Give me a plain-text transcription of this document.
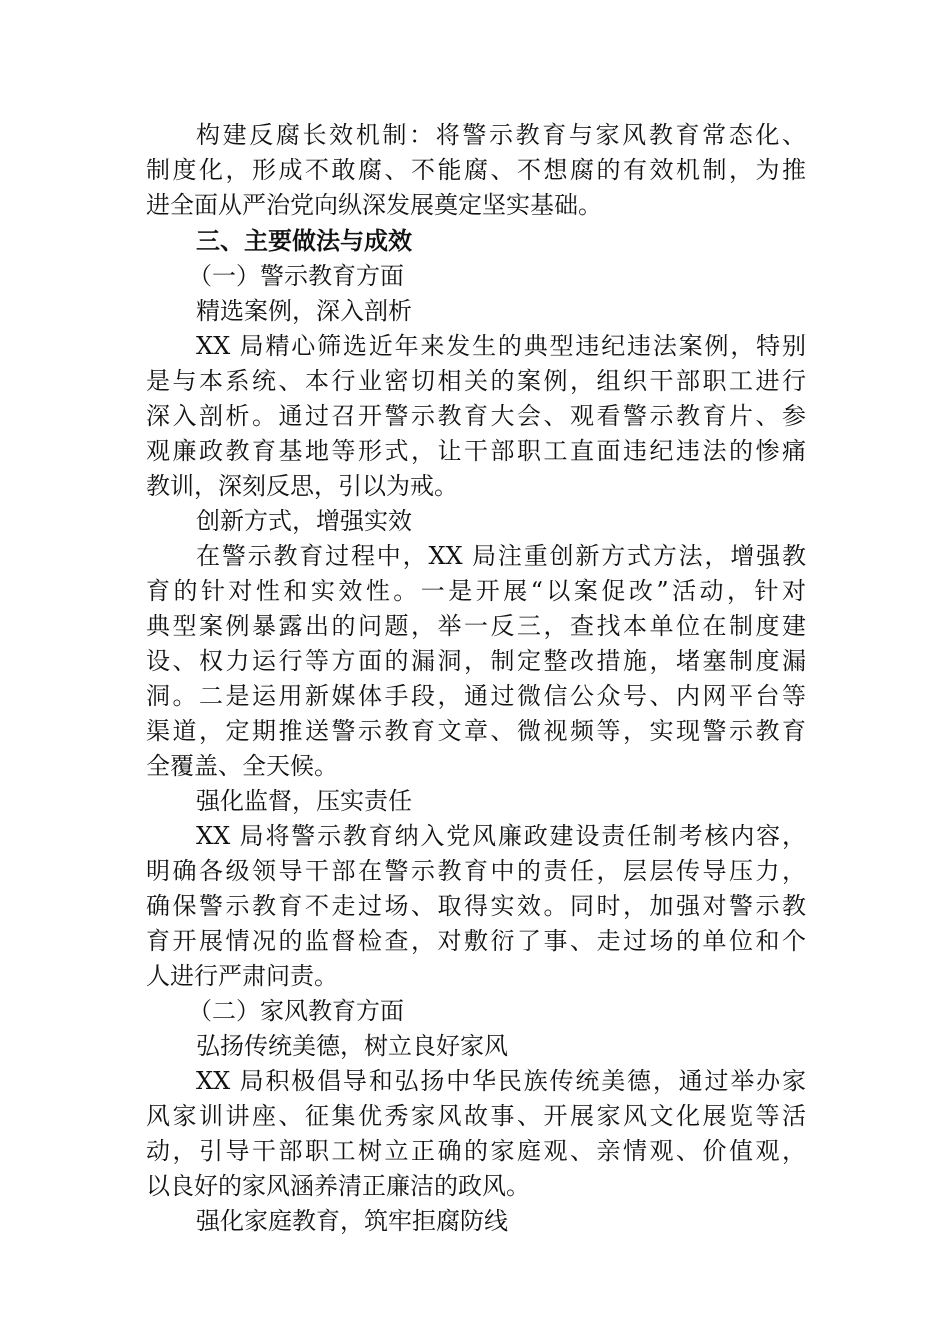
构建反腐长效机制：将警示教育与家风教育常态化、
制度化，形成不敢腐、不能腐、不想腐的有效机制，为推
进全面从严治党向纵深发展奠定坚实基础。
三、主要做法与成效
（一）警示教育方面
精选案例，深入剖析
XX 局精心筛选近年来发生的典型违纪违法案例，特别
是与本系统、本行业密切相关的案例，组织干部职工进行
深入剖析。通过召开警示教育大会、观看警示教育片、参
观廉政教育基地等形式，让干部职工直面违纪违法的惨痛
教训，深刻反思，引以为戒。
创新方式，增强实效
在警示教育过程中，XX 局注重创新方式方法，增强教
育的针对性和实效性。一是开展“以案促改”活动，针对
典型案例暴露出的问题，举一反三，查找本单位在制度建
设、权力运行等方面的漏洞，制定整改措施，堵塞制度漏
洞。二是运用新媒体手段，通过微信公众号、内网平台等
渠道，定期推送警示教育文章、微视频等，实现警示教育
全覆盖、全天候。
强化监督，压实责任
XX 局将警示教育纳入党风廉政建设责任制考核内容，
明确各级领导干部在警示教育中的责任，层层传导压力，
确保警示教育不走过场、取得实效。同时，加强对警示教
育开展情况的监督检查，对敷衍了事、走过场的单位和个
人进行严肃问责。
（二）家风教育方面
弘扬传统美德，树立良好家风
XX 局积极倡导和弘扬中华民族传统美德，通过举办家
风家训讲座、征集优秀家风故事、开展家风文化展览等活
动，引导干部职工树立正确的家庭观、亲情观、价值观，
以良好的家风涵养清正廉洁的政风。
强化家庭教育，筑牢拒腐防线
